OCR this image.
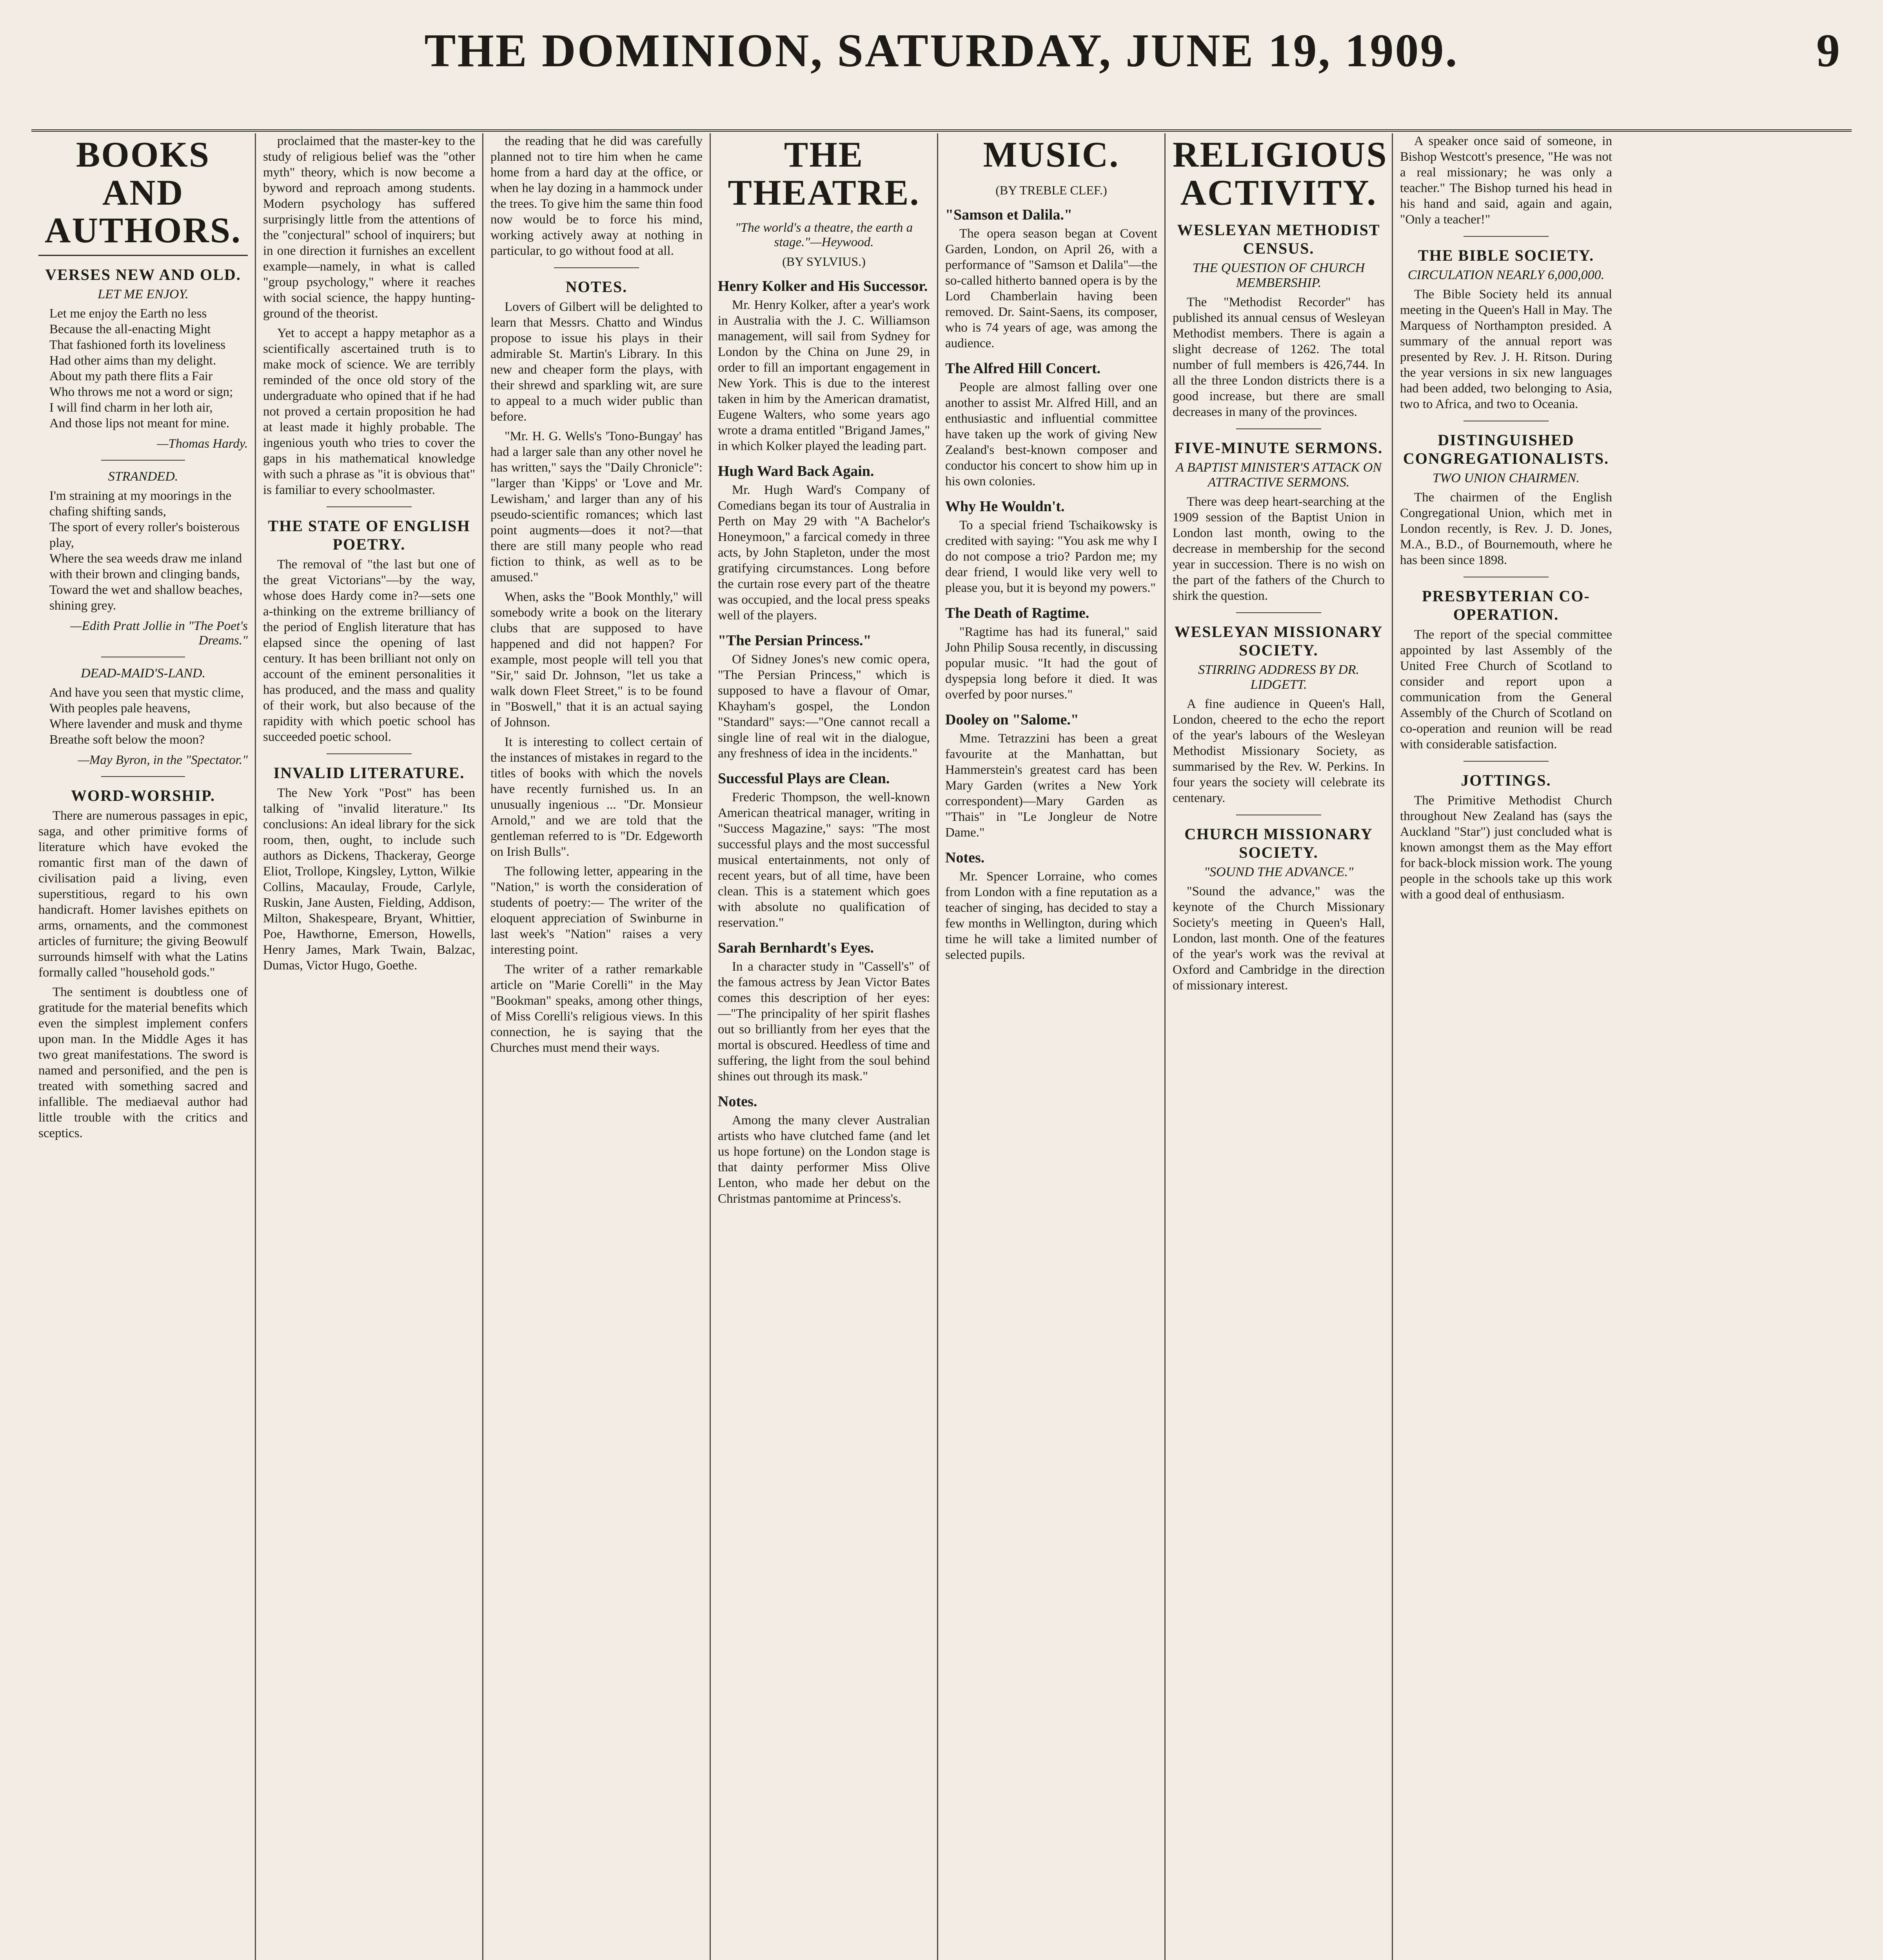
THE DOMINION, SATURDAY, JUNE 19, 1909.	9
BOOKS AND AUTHORS.
VERSES NEW AND OLD.
LET ME ENJOY.
Let me enjoy the Earth no less
Because the all-enacting Might
That fashioned forth its loveliness
Had other aims than my delight.
About my path there flits a Fair
Who throws me not a word or sign;
I will find charm in her loth air,
And those lips not meant for mine.
—Thomas Hardy.
STRANDED.
I'm straining at my moorings in the chafing shifting sands,
The sport of every roller's boisterous play,
Where the sea weeds draw me inland with their brown and clinging bands,
Toward the wet and shallow beaches, shining grey.
—Edith Pratt Jollie in "The Poet's Dreams."
DEAD-MAID'S-LAND.
And have you seen that mystic clime,
With peoples pale heavens,
Where lavender and musk and thyme
Breathe soft below the moon?
—May Byron, in the "Spectator."
WORD-WORSHIP.

There are numerous passages in epic, saga, and other primitive forms of literature which have evoked the romantic first man of the dawn of civilisation paid a living, even superstitious, regard to his own handicraft. Homer lavishes epithets on arms, ornaments, and the commonest articles of furniture; the giving Beowulf surrounds himself with what the Latins formally called "household gods."

The sentiment is doubtless one of gratitude for the material benefits which even the simplest implement confers upon man. In the Middle Ages it has two great manifestations. The sword is named and personified, and the pen is treated with something sacred and infallible. The mediaeval author had little trouble with the critics and sceptics.

proclaimed that the master-key to the study of religious belief was the "other myth" theory, which is now become a byword and reproach among students. Modern psychology has suffered surprisingly little from the attentions of the "conjectural" school of inquirers; but in one direction it furnishes an excellent example—namely, in what is called "group psychology," where it reaches with social science, the happy hunting-ground of the theorist.

Yet to accept a happy metaphor as a scientifically ascertained truth is to make mock of science. We are terribly reminded of the once old story of the undergraduate who opined that if he had not proved a certain proposition he had at least made it highly probable. The ingenious youth who tries to cover the gaps in his mathematical knowledge with such a phrase as "it is obvious that" is familiar to every schoolmaster.

THE STATE OF ENGLISH POETRY.

The removal of "the last but one of the great Victorians"—by the way, whose does Hardy come in?—sets one a-thinking on the extreme brilliancy of the period of English literature that has elapsed since the opening of last century. It has been brilliant not only on account of the eminent personalities it has produced, and the mass and quality of their work, but also because of the rapidity with which poetic school has succeeded poetic school.

INVALID LITERATURE.

The New York "Post" has been talking of "invalid literature." Its conclusions: An ideal library for the sick room, then, ought, to include such authors as Dickens, Thackeray, George Eliot, Trollope, Kingsley, Lytton, Wilkie Collins, Macaulay, Froude, Carlyle, Ruskin, Jane Austen, Fielding, Addison, Milton, Shakespeare, Bryant, Whittier, Poe, Hawthorne, Emerson, Howells, Henry James, Mark Twain, Balzac, Dumas, Victor Hugo, Goethe.

the reading that he did was carefully planned not to tire him when he came home from a hard day at the office, or when he lay dozing in a hammock under the trees. To give him the same thin food now would be to force his mind, working actively away at nothing in particular, to go without food at all.

NOTES.

Lovers of Gilbert will be delighted to learn that Messrs. Chatto and Windus propose to issue his plays in their admirable St. Martin's Library. In this new and cheaper form the plays, with their shrewd and sparkling wit, are sure to appeal to a much wider public than before.

"Mr. H. G. Wells's 'Tono-Bungay' has had a larger sale than any other novel he has written," says the "Daily Chronicle": "larger than 'Kipps' or 'Love and Mr. Lewisham,' and larger than any of his pseudo-scientific romances; which last point augments—does it not?—that there are still many people who read fiction to think, as well as to be amused."

When, asks the "Book Monthly," will somebody write a book on the literary clubs that are supposed to have happened and did not happen? For example, most people will tell you that "Sir," said Dr. Johnson, "let us take a walk down Fleet Street," is to be found in "Boswell," that it is an actual saying of Johnson.

It is interesting to collect certain of the instances of mistakes in regard to the titles of books with which the novels have recently furnished us. In an unusually ingenious ... "Dr. Monsieur Arnold," and we are told that the gentleman referred to is "Dr. Edgeworth on Irish Bulls".

The following letter, appearing in the "Nation," is worth the consideration of students of poetry:— The writer of the eloquent appreciation of Swinburne in last week's "Nation" raises a very interesting point.

The writer of a rather remarkable article on "Marie Corelli" in the May "Bookman" speaks, among other things, of Miss Corelli's religious views. In this connection, he is saying that the Churches must mend their ways.

THE THEATRE.
"The world's a theatre, the earth a stage."—Heywood.
(BY SYLVIUS.)
Henry Kolker and His Successor.

Mr. Henry Kolker, after a year's work in Australia with the J. C. Williamson management, will sail from Sydney for London by the China on June 29, in order to fill an important engagement in New York. This is due to the interest taken in him by the American dramatist, Eugene Walters, who some years ago wrote a drama entitled "Brigand James," in which Kolker played the leading part.

Hugh Ward Back Again.

Mr. Hugh Ward's Company of Comedians began its tour of Australia in Perth on May 29 with "A Bachelor's Honeymoon," a farcical comedy in three acts, by John Stapleton, under the most gratifying circumstances. Long before the curtain rose every part of the theatre was occupied, and the local press speaks well of the players.

"The Persian Princess."

Of Sidney Jones's new comic opera, "The Persian Princess," which is supposed to have a flavour of Omar, Khayham's gospel, the London "Standard" says:—"One cannot recall a single line of real wit in the dialogue, any freshness of idea in the incidents."

Successful Plays are Clean.

Frederic Thompson, the well-known American theatrical manager, writing in "Success Magazine," says: "The most successful plays and the most successful musical entertainments, not only of recent years, but of all time, have been clean. This is a statement which goes with absolute no qualification of reservation."

Sarah Bernhardt's Eyes.

In a character study in "Cassell's" of the famous actress by Jean Victor Bates comes this description of her eyes:—"The principality of her spirit flashes out so brilliantly from her eyes that the mortal is obscured. Heedless of time and suffering, the light from the soul behind shines out through its mask."

Notes.

Among the many clever Australian artists who have clutched fame (and let us hope fortune) on the London stage is that dainty performer Miss Olive Lenton, who made her debut on the Christmas pantomime at Princess's.

MUSIC.
(BY TREBLE CLEF.)
"Samson et Dalila."

The opera season began at Covent Garden, London, on April 26, with a performance of "Samson et Dalila"—the so-called hitherto banned opera is by the Lord Chamberlain having been removed. Dr. Saint-Saens, its composer, who is 74 years of age, was among the audience.

The Alfred Hill Concert.

People are almost falling over one another to assist Mr. Alfred Hill, and an enthusiastic and influential committee have taken up the work of giving New Zealand's best-known composer and conductor his concert to show him up in his own colonies.

Why He Wouldn't.

To a special friend Tschaikowsky is credited with saying: "You ask me why I do not compose a trio? Pardon me; my dear friend, I would like very well to please you, but it is beyond my powers."

The Death of Ragtime.

"Ragtime has had its funeral," said John Philip Sousa recently, in discussing popular music. "It had the gout of dyspepsia long before it died. It was overfed by poor nurses."

Dooley on "Salome."

Mme. Tetrazzini has been a great favourite at the Manhattan, but Hammerstein's greatest card has been Mary Garden (writes a New York correspondent)—Mary Garden as "Thais" in "Le Jongleur de Notre Dame."

Notes.

Mr. Spencer Lorraine, who comes from London with a fine reputation as a teacher of singing, has decided to stay a few months in Wellington, during which time he will take a limited number of selected pupils.

RELIGIOUS ACTIVITY.
WESLEYAN METHODIST CENSUS.
THE QUESTION OF CHURCH MEMBERSHIP.

The "Methodist Recorder" has published its annual census of Wesleyan Methodist members. There is again a slight decrease of 1262. The total number of full members is 426,744. In all the three London districts there is a good increase, but there are small decreases in many of the provinces.

FIVE-MINUTE SERMONS.
A BAPTIST MINISTER'S ATTACK ON ATTRACTIVE SERMONS.

There was deep heart-searching at the 1909 session of the Baptist Union in London last month, owing to the decrease in membership for the second year in succession. There is no wish on the part of the fathers of the Church to shirk the question.

WESLEYAN MISSIONARY SOCIETY.
STIRRING ADDRESS BY DR. LIDGETT.

A fine audience in Queen's Hall, London, cheered to the echo the report of the year's labours of the Wesleyan Methodist Missionary Society, as summarised by the Rev. W. Perkins. In four years the society will celebrate its centenary.

CHURCH MISSIONARY SOCIETY.
"SOUND THE ADVANCE."

"Sound the advance," was the keynote of the Church Missionary Society's meeting in Queen's Hall, London, last month. One of the features of the year's work was the revival at Oxford and Cambridge in the direction of missionary interest.

A speaker once said of someone, in Bishop Westcott's presence, "He was not a real missionary; he was only a teacher." The Bishop turned his head in his hand and said, again and again, "Only a teacher!"

THE BIBLE SOCIETY.
CIRCULATION NEARLY 6,000,000.

The Bible Society held its annual meeting in the Queen's Hall in May. The Marquess of Northampton presided. A summary of the annual report was presented by Rev. J. H. Ritson. During the year versions in six new languages had been added, two belonging to Asia, two to Africa, and two to Oceania.

DISTINGUISHED CONGREGATIONALISTS.
TWO UNION CHAIRMEN.

The chairmen of the English Congregational Union, which met in London recently, is Rev. J. D. Jones, M.A., B.D., of Bournemouth, where he has been since 1898.

PRESBYTERIAN CO-OPERATION.

The report of the special committee appointed by last Assembly of the United Free Church of Scotland to consider and report upon a communication from the General Assembly of the Church of Scotland on co-operation and reunion will be read with considerable satisfaction.

JOTTINGS.

The Primitive Methodist Church throughout New Zealand has (says the Auckland "Star") just concluded what is known amongst them as the May effort for back-block mission work. The young people in the schools take up this work with a good deal of enthusiasm.
